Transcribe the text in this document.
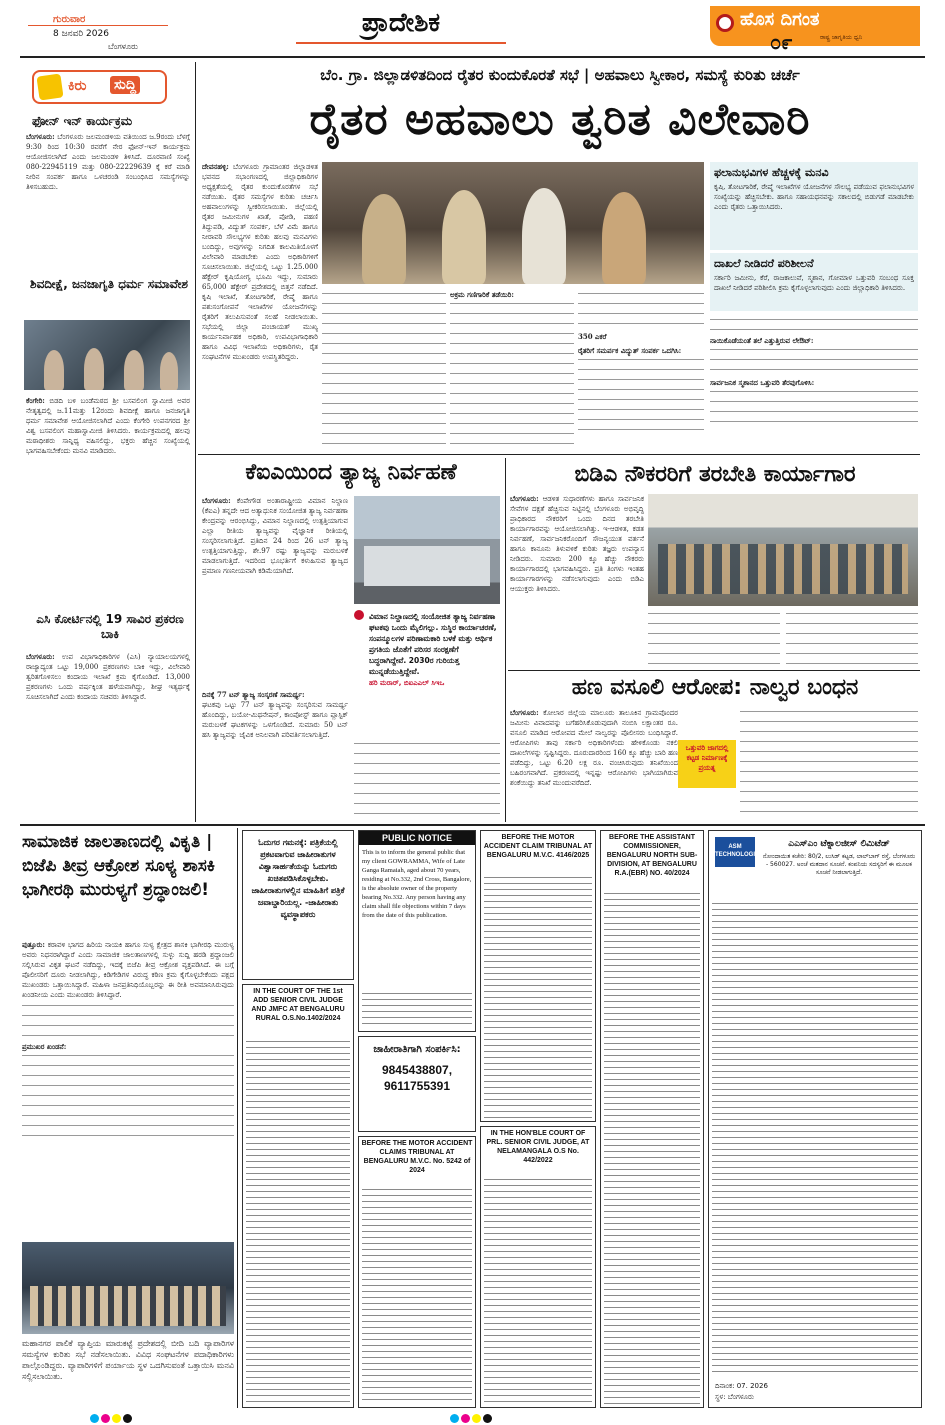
ಗುರುವಾರ
8 ಜನವರಿ 2026
ಬೆಂಗಳೂರು
ಪ್ರಾದೇಶಿಕ	ಹೊಸ ದಿಗಂತ
ರಾಷ್ಟ್ರ ಜಾಗೃತಿಯ ಧ್ವನಿ
೦೯
ಕಿರು ಸುದ್ದಿ
ಫೋನ್ ಇನ್ ಕಾರ್ಯಕ್ರಮ
ಬೆಂಗಳೂರು: ಬೆಂಗಳೂರು ಜಲಮಂಡಳಿಯ ವತಿಯಿಂದ ಜ.9ರಂದು ಬೆಳಗ್ಗೆ 9:30 ರಿಂದ 10:30 ರವರೆಗೆ ನೇರ ಫೋನ್-ಇನ್ ಕಾರ್ಯಕ್ರಮ ಆಯೋಜಿಸಲಾಗಿದೆ ಎಂದು ಜಲಮಂಡಳಿ ತಿಳಿಸಿದೆ. ದೂರವಾಣಿ ಸಂಖ್ಯೆ 080-22945119 ಮತ್ತು 080-22229639 ಕ್ಕೆ ಕರೆ ಮಾಡಿ ನೀರಿನ ಸಂಪರ್ಕ ಹಾಗೂ ಒಳಚರಂಡಿ ಸಂಬಂಧಿಸಿದ ಸಮಸ್ಯೆಗಳನ್ನು ತಿಳಿಸಬಹುದು.
ಶಿವದೀಕ್ಷೆ, ಜನಜಾಗೃತಿ ಧರ್ಮ ಸಮಾವೇಶ
ಕೆಂಗೇರಿ: ಬಿಡದಿ ಬಳಿ ಬಂಡೆಮಠದ ಶ್ರೀ ಬಸವಲಿಂಗ ಸ್ವಾಮೀಜಿ ಅವರ ನೇತೃತ್ವದಲ್ಲಿ ಜ.11ಮತ್ತು 12ರಂದು ಶಿವದೀಕ್ಷೆ ಹಾಗೂ ಜನಜಾಗೃತಿ ಧರ್ಮ ಸಮಾವೇಶ ಆಯೋಜಿಸಲಾಗಿದೆ ಎಂದು ಕೆಂಗೇರಿ ಉಪನಗರದ ಶ್ರೀ ವಿಶ್ವ ಬಸವಲಿಂಗ ಮಹಾಸ್ವಾಮೀಜಿ ತಿಳಿಸಿದರು. ಕಾರ್ಯಕ್ರಮದಲ್ಲಿ ಹಲವು ಮಠಾಧೀಶರು ಸಾನ್ನಿಧ್ಯ ವಹಿಸಲಿದ್ದು, ಭಕ್ತರು ಹೆಚ್ಚಿನ ಸಂಖ್ಯೆಯಲ್ಲಿ ಭಾಗವಹಿಸಬೇಕೆಂದು ಮನವಿ ಮಾಡಿದರು.
ಎಸಿ ಕೋರ್ಟಿನಲ್ಲಿ 19 ಸಾವಿರ ಪ್ರಕರಣ ಬಾಕಿ
ಬೆಂಗಳೂರು: ಉಪ ವಿಭಾಗಾಧಿಕಾರಿಗಳ (ಎಸಿ) ನ್ಯಾಯಾಲಯಗಳಲ್ಲಿ ರಾಜ್ಯಾದ್ಯಂತ ಒಟ್ಟು 19,000 ಪ್ರಕರಣಗಳು ಬಾಕಿ ಇದ್ದು, ವಿಲೇವಾರಿ ತ್ವರಿತಗೊಳಿಸಲು ಕಂದಾಯ ಇಲಾಖೆ ಕ್ರಮ ಕೈಗೊಂಡಿದೆ. 13,000 ಪ್ರಕರಣಗಳು ಒಂದು ವರ್ಷಕ್ಕಿಂತ ಹಳೆಯವಾಗಿದ್ದು, ಶೀಘ್ರ ಇತ್ಯರ್ಥಕ್ಕೆ ಸೂಚಿಸಲಾಗಿದೆ ಎಂದು ಕಂದಾಯ ಸಚಿವರು ತಿಳಿಸಿದ್ದಾರೆ.
ಬೆಂ. ಗ್ರಾ. ಜಿಲ್ಲಾಡಳಿತದಿಂದ ರೈತರ ಕುಂದುಕೊರತೆ ಸಭೆ | ಅಹವಾಲು ಸ್ವೀಕಾರ, ಸಮಸ್ಯೆ ಕುರಿತು ಚರ್ಚೆ
ರೈತರ ಅಹವಾಲು ತ್ವರಿತ ವಿಲೇವಾರಿ
ದೇವನಹಳ್ಳಿ: ಬೆಂಗಳೂರು ಗ್ರಾಮಾಂತರ ಜಿಲ್ಲಾಡಳಿತ ಭವನದ ಸಭಾಂಗಣದಲ್ಲಿ ಜಿಲ್ಲಾಧಿಕಾರಿಗಳ ಅಧ್ಯಕ್ಷತೆಯಲ್ಲಿ ರೈತರ ಕುಂದುಕೊರತೆಗಳ ಸಭೆ ನಡೆಯಿತು. ರೈತರ ಸಮಸ್ಯೆಗಳ ಕುರಿತು ಚರ್ಚಿಸಿ ಅಹವಾಲುಗಳನ್ನು ಸ್ವೀಕರಿಸಲಾಯಿತು. ಜಿಲ್ಲೆಯಲ್ಲಿ ರೈತರ ಜಮೀನುಗಳ ಖಾತೆ, ಪೋಡಿ, ಪಹಣಿ ತಿದ್ದುಪಡಿ, ವಿದ್ಯುತ್ ಸಂಪರ್ಕ, ಬೆಳೆ ವಿಮೆ ಹಾಗೂ ನೀರಾವರಿ ಸೌಲಭ್ಯಗಳ ಕುರಿತು ಹಲವು ಮನವಿಗಳು ಬಂದಿದ್ದು, ಅವುಗಳನ್ನು ನಿಗದಿತ ಕಾಲಮಿತಿಯೊಳಗೆ ವಿಲೇವಾರಿ ಮಾಡಬೇಕು ಎಂದು ಅಧಿಕಾರಿಗಳಿಗೆ ಸೂಚಿಸಲಾಯಿತು. ಜಿಲ್ಲೆಯಲ್ಲಿ ಒಟ್ಟು 1.25.000 ಹೆಕ್ಟೇರ್ ಕೃಷಿಯೋಗ್ಯ ಭೂಮಿ ಇದ್ದು, ಸುಮಾರು 65,000 ಹೆಕ್ಟೇರ್ ಪ್ರದೇಶದಲ್ಲಿ ಬಿತ್ತನೆ ನಡೆದಿದೆ. ಕೃಷಿ ಇಲಾಖೆ, ತೋಟಗಾರಿಕೆ, ರೇಷ್ಮೆ ಹಾಗೂ ಪಶುಸಂಗೋಪನೆ ಇಲಾಖೆಗಳ ಯೋಜನೆಗಳನ್ನು ರೈತರಿಗೆ ತಲುಪಿಸುವಂತೆ ಸಲಹೆ ನೀಡಲಾಯಿತು. ಸಭೆಯಲ್ಲಿ ಜಿಲ್ಲಾ ಪಂಚಾಯತ್ ಮುಖ್ಯ ಕಾರ್ಯನಿರ್ವಾಹಕ ಅಧಿಕಾರಿ, ಉಪವಿಭಾಗಾಧಿಕಾರಿ ಹಾಗೂ ವಿವಿಧ ಇಲಾಖೆಯ ಅಧಿಕಾರಿಗಳು, ರೈತ ಸಂಘಟನೆಗಳ ಮುಖಂಡರು ಉಪಸ್ಥಿತರಿದ್ದರು.
ಅಕ್ರಮ ಗಣಿಗಾರಿಕೆ ತಡೆಯಿರಿ:
350 ಎಕರೆ
ರೈತರಿಗೆ ಸಮರ್ಪಕ ವಿದ್ಯುತ್ ಸಂಪರ್ಕ ಒದಗಿಸಿ:
ಫಲಾನುಭವಿಗಳ ಹೆಚ್ಚಳಕ್ಕೆ ಮನವಿ
ಕೃಷಿ, ತೋಟಗಾರಿಕೆ, ರೇಷ್ಮೆ ಇಲಾಖೆಗಳ ಯೋಜನೆಗಳ ಸೌಲಭ್ಯ ಪಡೆಯುವ ಫಲಾನುಭವಿಗಳ ಸಂಖ್ಯೆಯನ್ನು ಹೆಚ್ಚಿಸಬೇಕು. ಹಾಗೂ ಸಹಾಯಧನವನ್ನು ಸಕಾಲದಲ್ಲಿ ಬಿಡುಗಡೆ ಮಾಡಬೇಕು ಎಂದು ರೈತರು ಒತ್ತಾಯಿಸಿದರು.
ದಾಖಲೆ ನೀಡಿದರೆ ಪರಿಶೀಲನೆ
ಸರ್ಕಾರಿ ಜಮೀನು, ಕೆರೆ, ರಾಜಕಾಲುವೆ, ಸ್ಮಶಾನ, ಗೋಮಾಳ ಒತ್ತುವರಿ ಸಂಬಂಧ ಸೂಕ್ತ ದಾಖಲೆ ನೀಡಿದರೆ ಪರಿಶೀಲಿಸಿ ಕ್ರಮ ಕೈಗೊಳ್ಳಲಾಗುವುದು ಎಂದು ಜಿಲ್ಲಾಧಿಕಾರಿ ತಿಳಿಸಿದರು.
ನಾಯಿಕೊಡೆಯಂತೆ ತಲೆ ಎತ್ತುತ್ತಿರುವ ಲೇಔಟ್:
ಸಾರ್ವಜನಿಕ ಸ್ಮಶಾನದ ಒತ್ತುವರಿ ತೆರವುಗೊಳಿಸಿ:
ಕೆಐಎಯಿಂದ ತ್ಯಾಜ್ಯ ನಿರ್ವಹಣೆ
ಬೆಂಗಳೂರು: ಕೆಂಪೇಗೌಡ ಅಂತಾರಾಷ್ಟ್ರೀಯ ವಿಮಾನ ನಿಲ್ದಾಣ (ಕೆಐಎ) ತನ್ನದೇ ಆದ ಅತ್ಯಾಧುನಿಕ ಸಂಯೋಜಿತ ತ್ಯಾಜ್ಯ ನಿರ್ವಹಣಾ ಕೇಂದ್ರವನ್ನು ಆರಂಭಿಸಿದ್ದು, ವಿಮಾನ ನಿಲ್ದಾಣದಲ್ಲಿ ಉತ್ಪತ್ತಿಯಾಗುವ ಎಲ್ಲಾ ರೀತಿಯ ತ್ಯಾಜ್ಯವನ್ನು ವೈಜ್ಞಾನಿಕ ರೀತಿಯಲ್ಲಿ ಸಂಸ್ಕರಿಸಲಾಗುತ್ತಿದೆ. ಪ್ರತಿದಿನ 24 ರಿಂದ 26 ಟನ್ ತ್ಯಾಜ್ಯ ಉತ್ಪತ್ತಿಯಾಗುತ್ತಿದ್ದು, ಶೇ.97 ರಷ್ಟು ತ್ಯಾಜ್ಯವನ್ನು ಮರುಬಳಕೆ ಮಾಡಲಾಗುತ್ತಿದೆ. ಇದರಿಂದ ಭೂಭರ್ತಿಗೆ ಕಳುಹಿಸುವ ತ್ಯಾಜ್ಯದ ಪ್ರಮಾಣ ಗಣನೀಯವಾಗಿ ಕಡಿಮೆಯಾಗಿದೆ.
ವಿಮಾನ ನಿಲ್ದಾಣದಲ್ಲಿ ಸಂಯೋಜಿತ ತ್ಯಾಜ್ಯ ನಿರ್ವಹಣಾ ಘಟಕವು ಒಂದು ಮೈಲಿಗಲ್ಲು. ಸುಸ್ಥಿರ ಕಾರ್ಯಾಚರಣೆ, ಸಂಪನ್ಮೂಲಗಳ ಪರಿಣಾಮಕಾರಿ ಬಳಕೆ ಮತ್ತು ಆರ್ಥಿಕ ಪ್ರಗತಿಯ ಜೊತೆಗೆ ಪರಿಸರ ಸಂರಕ್ಷಣೆಗೆ ಬದ್ಧರಾಗಿದ್ದೇವೆ. 2030ರ ಗುರಿಯತ್ತ ಮುನ್ನಡೆಯುತ್ತಿದ್ದೇವೆ.
ಹರಿ ಮರಾರ್, ಬಿಐಎಎಲ್ ಸಿಇಒ
ದಿನಕ್ಕೆ 77 ಟನ್ ತ್ಯಾಜ್ಯ ಸಂಸ್ಕರಣೆ ಸಾಮರ್ಥ್ಯ:
ಘಟಕವು ಒಟ್ಟು 77 ಟನ್ ತ್ಯಾಜ್ಯವನ್ನು ಸಂಸ್ಕರಿಸುವ ಸಾಮರ್ಥ್ಯ ಹೊಂದಿದ್ದು, ಬಯೋ-ಮಿಥನೇಷನ್, ಕಾಂಪೋಸ್ಟ್ ಹಾಗೂ ಪ್ಲಾಸ್ಟಿಕ್ ಮರುಬಳಕೆ ಘಟಕಗಳನ್ನು ಒಳಗೊಂಡಿದೆ. ಸುಮಾರು 50 ಟನ್ ಹಸಿ ತ್ಯಾಜ್ಯವನ್ನು ಜೈವಿಕ ಅನಿಲವಾಗಿ ಪರಿವರ್ತಿಸಲಾಗುತ್ತಿದೆ.
ಬಿಡಿಎ ನೌಕರರಿಗೆ ತರಬೇತಿ ಕಾರ್ಯಾಗಾರ
ಬೆಂಗಳೂರು: ಆಡಳಿತ ಸುಧಾರಣೆಗಳು ಹಾಗೂ ಸಾರ್ವಜನಿಕ ಸೇವೆಗಳ ದಕ್ಷತೆ ಹೆಚ್ಚಿಸುವ ನಿಟ್ಟಿನಲ್ಲಿ ಬೆಂಗಳೂರು ಅಭಿವೃದ್ಧಿ ಪ್ರಾಧಿಕಾರದ ನೌಕರರಿಗೆ ಒಂದು ದಿನದ ತರಬೇತಿ ಕಾರ್ಯಾಗಾರವನ್ನು ಆಯೋಜಿಸಲಾಗಿತ್ತು. ಇ-ಆಡಳಿತ, ಕಡತ ನಿರ್ವಹಣೆ, ಸಾರ್ವಜನಿಕರೊಂದಿಗೆ ಸೌಜನ್ಯಯುತ ವರ್ತನೆ ಹಾಗೂ ಕಾನೂನು ತಿಳುವಳಿಕೆ ಕುರಿತು ತಜ್ಞರು ಉಪನ್ಯಾಸ ನೀಡಿದರು. ಸುಮಾರು 200 ಕ್ಕೂ ಹೆಚ್ಚು ನೌಕರರು ಕಾರ್ಯಾಗಾರದಲ್ಲಿ ಭಾಗವಹಿಸಿದ್ದರು. ಪ್ರತಿ ತಿಂಗಳು ಇಂತಹ ಕಾರ್ಯಾಗಾರಗಳನ್ನು ನಡೆಸಲಾಗುವುದು ಎಂದು ಬಿಡಿಎ ಆಯುಕ್ತರು ತಿಳಿಸಿದರು.
ಹಣ ವಸೂಲಿ ಆರೋಪ: ನಾಲ್ವರ ಬಂಧನ
ಬೆಂಗಳೂರು: ಕೋಲಾರ ಜಿಲ್ಲೆಯ ಮಾಲೂರು ತಾಲೂಕಿನ ಗ್ರಾಮವೊಂದರ ಜಮೀನು ವಿವಾದವನ್ನು ಬಗೆಹರಿಸಿಕೊಡುವುದಾಗಿ ನಂಬಿಸಿ ಲಕ್ಷಾಂತರ ರೂ. ವಸೂಲಿ ಮಾಡಿದ ಆರೋಪದ ಮೇಲೆ ನಾಲ್ವರನ್ನು ಪೊಲೀಸರು ಬಂಧಿಸಿದ್ದಾರೆ. ಆರೋಪಿಗಳು ತಾವು ಸರ್ಕಾರಿ ಅಧಿಕಾರಿಗಳೆಂದು ಹೇಳಿಕೊಂಡು ನಕಲಿ ದಾಖಲೆಗಳನ್ನು ಸೃಷ್ಟಿಸಿದ್ದರು. ದೂರುದಾರರಿಂದ 160 ಕ್ಕೂ ಹೆಚ್ಚು ಬಾರಿ ಹಣ ಪಡೆದಿದ್ದು, ಒಟ್ಟು 6.20 ಲಕ್ಷ ರೂ. ವಂಚಿಸಿರುವುದು ತನಿಖೆಯಿಂದ ಬಹಿರಂಗವಾಗಿದೆ. ಪ್ರಕರಣದಲ್ಲಿ ಇನ್ನಷ್ಟು ಆರೋಪಿಗಳು ಭಾಗಿಯಾಗಿರುವ ಶಂಕೆಯಿದ್ದು ತನಿಖೆ ಮುಂದುವರೆದಿದೆ.
ಒತ್ತುವರಿ ಜಾಗದಲ್ಲಿ ಕಟ್ಟಡ ನಿರ್ಮಾಣಕ್ಕೆ ಪ್ರಯತ್ನ
ಸಾಮಾಜಿಕ ಜಾಲತಾಣದಲ್ಲಿ ವಿಕೃತಿ | ಬಿಜೆಪಿ ತೀವ್ರ ಆಕ್ರೋಶ ಸೂಳ್ಯ ಶಾಸಕಿ ಭಾಗೀರಥಿ ಮುರುಳ್ಯಗೆ ಶ್ರದ್ಧಾಂಜಲಿ!
ಪುತ್ತೂರು: ಕರಾವಳಿ ಭಾಗದ ಹಿರಿಯ ನಾಯಕಿ ಹಾಗೂ ಸುಳ್ಯ ಕ್ಷೇತ್ರದ ಶಾಸಕಿ ಭಾಗೀರಥಿ ಮುರುಳ್ಯ ಅವರು ನಿಧನರಾಗಿದ್ದಾರೆ ಎಂದು ಸಾಮಾಜಿಕ ಜಾಲತಾಣಗಳಲ್ಲಿ ಸುಳ್ಳು ಸುದ್ದಿ ಹರಡಿ ಶ್ರದ್ಧಾಂಜಲಿ ಸಲ್ಲಿಸಿರುವ ವಿಕೃತ ಘಟನೆ ನಡೆದಿದ್ದು, ಇದಕ್ಕೆ ಬಿಜೆಪಿ ತೀವ್ರ ಆಕ್ರೋಶ ವ್ಯಕ್ತಪಡಿಸಿದೆ. ಈ ಬಗ್ಗೆ ಪೊಲೀಸರಿಗೆ ದೂರು ನೀಡಲಾಗಿದ್ದು, ಕಿಡಿಗೇಡಿಗಳ ವಿರುದ್ಧ ಕಠಿಣ ಕ್ರಮ ಕೈಗೊಳ್ಳಬೇಕೆಂದು ಪಕ್ಷದ ಮುಖಂಡರು ಒತ್ತಾಯಿಸಿದ್ದಾರೆ. ಮಹಿಳಾ ಜನಪ್ರತಿನಿಧಿಯೊಬ್ಬರನ್ನು ಈ ರೀತಿ ಅವಮಾನಿಸಿರುವುದು ಖಂಡನೀಯ ಎಂದು ಮುಖಂಡರು ತಿಳಿಸಿದ್ದಾರೆ.
ಪ್ರಮುಖರ ಖಂಡನೆ:
ಮಹಾನಗರ ಪಾಲಿಕೆ ವ್ಯಾಪ್ತಿಯ ಮಾರುಕಟ್ಟೆ ಪ್ರದೇಶದಲ್ಲಿ ಬೀದಿ ಬದಿ ವ್ಯಾಪಾರಿಗಳ ಸಮಸ್ಯೆಗಳ ಕುರಿತು ಸಭೆ ನಡೆಸಲಾಯಿತು. ವಿವಿಧ ಸಂಘಟನೆಗಳ ಪದಾಧಿಕಾರಿಗಳು ಪಾಲ್ಗೊಂಡಿದ್ದರು. ವ್ಯಾಪಾರಿಗಳಿಗೆ ಪರ್ಯಾಯ ಸ್ಥಳ ಒದಗಿಸುವಂತೆ ಒತ್ತಾಯಿಸಿ ಮನವಿ ಸಲ್ಲಿಸಲಾಯಿತು.
ಓದುಗರ ಗಮನಕ್ಕೆ: ಪತ್ರಿಕೆಯಲ್ಲಿ ಪ್ರಕಟವಾಗುವ ಜಾಹೀರಾತುಗಳ ವಿಶ್ವಾಸಾರ್ಹತೆಯನ್ನು ಓದುಗರು ಖಚಿತಪಡಿಸಿಕೊಳ್ಳಬೇಕು. ಜಾಹೀರಾತುಗಳಲ್ಲಿನ ಮಾಹಿತಿಗೆ ಪತ್ರಿಕೆ ಜವಾಬ್ದಾರಿಯಲ್ಲ. -ಜಾಹೀರಾತು ವ್ಯವಸ್ಥಾಪಕರು
IN THE COURT OF THE 1st ADD SENIOR CIVIL JUDGE AND JMFC AT BENGALURU RURAL O.S.No.1402/2024
PUBLIC NOTICE
This is to inform the general public that my client GOWRAMMA, Wife of Late Ganga Ramaiah, aged about 70 years, residing at No.332, 2nd Cross, Bangalore, is the absolute owner of the property bearing No.332. Any person having any claim shall file objections within 7 days from the date of this publication.
ಜಾಹೀರಾತಿಗಾಗಿ ಸಂಪರ್ಕಿಸಿ:
9845438807,
9611755391
BEFORE THE MOTOR ACCIDENT CLAIMS TRIBUNAL AT BENGALURU M.V.C. No. 5242 of 2024
BEFORE THE MOTOR ACCIDENT CLAIM TRIBUNAL AT BENGALURU M.V.C. 4146/2025
IN THE HON'BLE COURT OF PRL. SENIOR CIVIL JUDGE, AT NELAMANGALA O.S No. 442/2022
BEFORE THE ASSISTANT COMMISSIONER, BENGALURU NORTH SUB-DIVISION, AT BENGALURU R.A.(EBR) NO. 40/2024
ASM TECHNOLOGIES
ಎಎಸ್ಎಂ ಟೆಕ್ನಾಲಜೀಸ್ ಲಿಮಿಟೆಡ್
ನೋಂದಾಯಿತ ಕಚೇರಿ: 80/2, ಲುಸಿಡ್ ಕಟ್ಟಡ, ಲಾಲ್‌ಬಾಗ್ ರಸ್ತೆ, ಬೆಂಗಳೂರು - 560027. ಅಂಚೆ ಮತದಾನ ಸೂಚನೆ. ಕಂಪನಿಯ ಸದಸ್ಯರಿಗೆ ಈ ಮೂಲಕ ಸೂಚನೆ ನೀಡಲಾಗುತ್ತಿದೆ.
ದಿನಾಂಕ: 07. 2026
ಸ್ಥಳ: ಬೆಂಗಳೂರು
